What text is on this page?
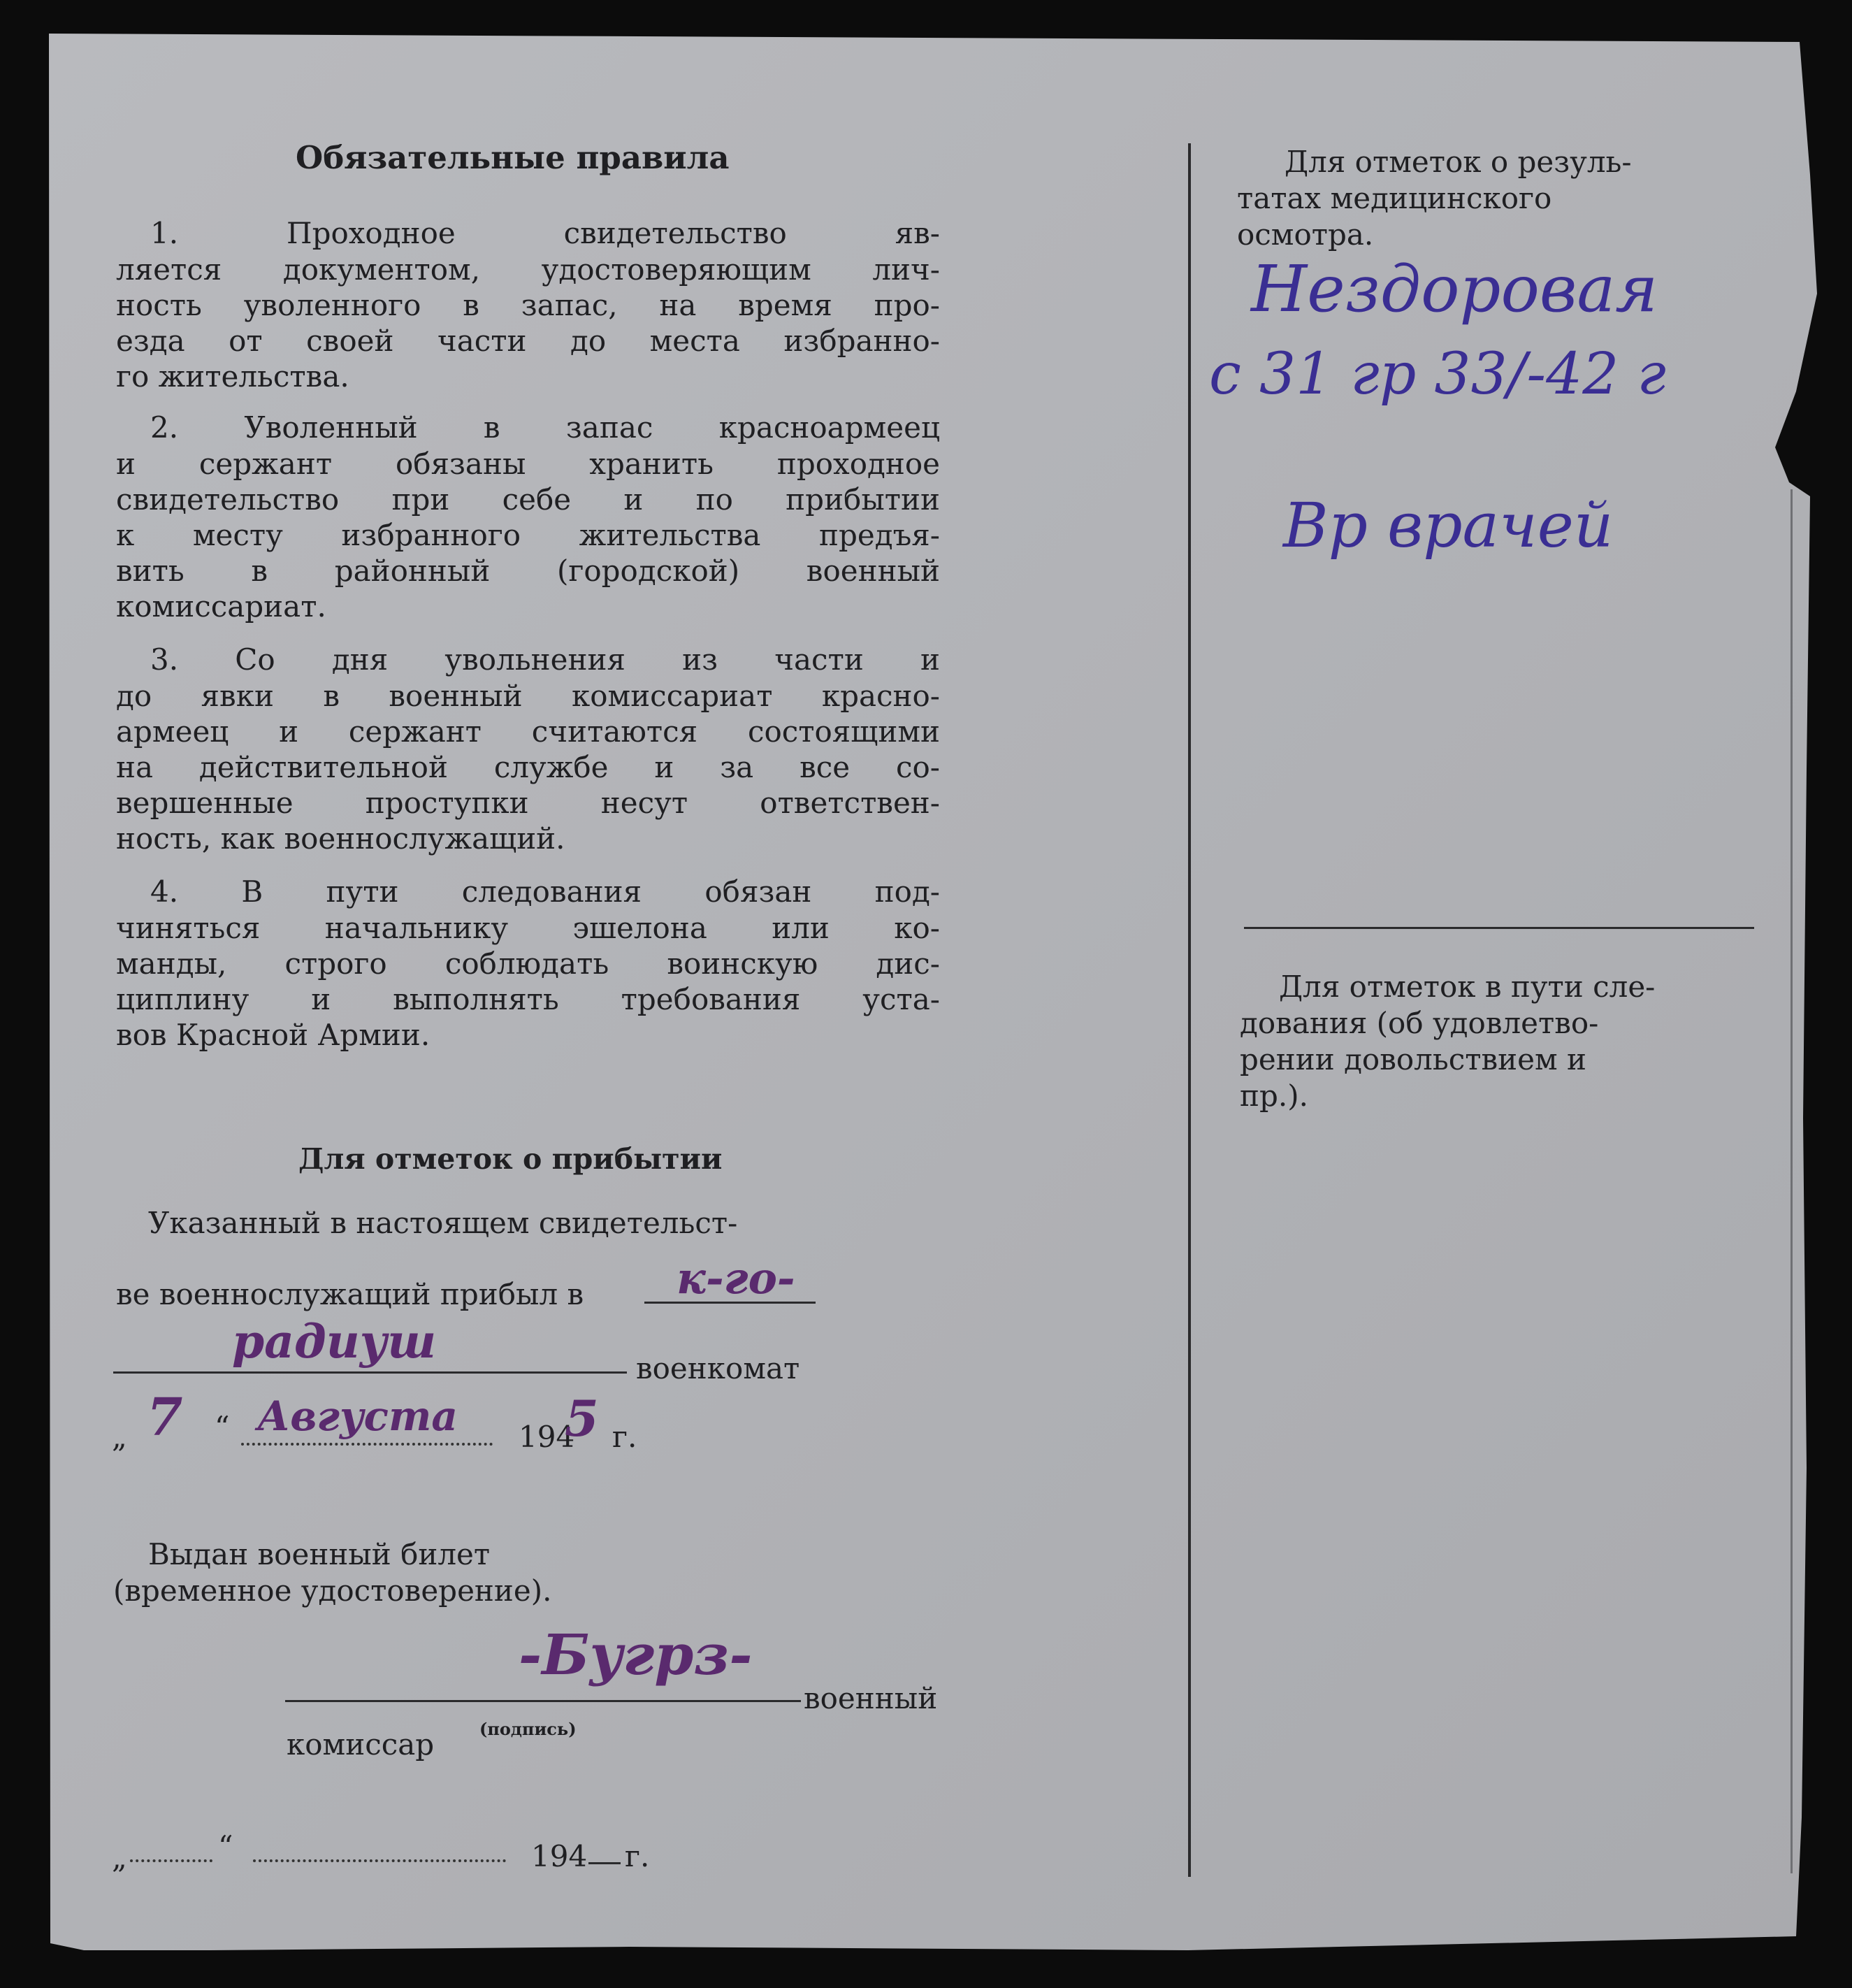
Обязательные правила

1. Проходное свидетельство яв-
ляется документом, удостоверяющим лич-
ность уволенного в запас, на время про-
езда от своей части до места избранно-
го жительства.
2. Уволенный в запас красноармеец
и сержант обязаны хранить проходное
свидетельство при себе и по прибытии
к месту избранного жительства предъя-
вить в районный (городской) военный
комиссариат.
3. Со дня увольнения из части и
до явки в военный комиссариат красно-
армеец и сержант считаются состоящими
на действительной службе и за все со-
вершенные проступки несут ответствен-
ность, как военнослужащий.
4. В пути следования обязан под-
чиняться начальнику эшелона или ко-
манды, строго соблюдать воинскую дис-
циплину и выполнять требования уста-
вов Красной Армии.

Для отметок о прибытии

Указанный в настоящем свидетельст-

ве военнослужащий прибыл в к-го-

радиуш	военкомат

„ 7 “ Августа 194

5 г.

Выдан военный билет

(временное удостоверение).

-Бугрз-

военный

комиссар	(подпись)

„	“	194 г.

Для отметок о резуль-

татах медицинского

осмотра.

Нездоровая

с 31 гр 33/-42 г

Вр врачей

Для отметок в пути сле-

дования (об удовлетво-

рении довольствием и

пр.).
